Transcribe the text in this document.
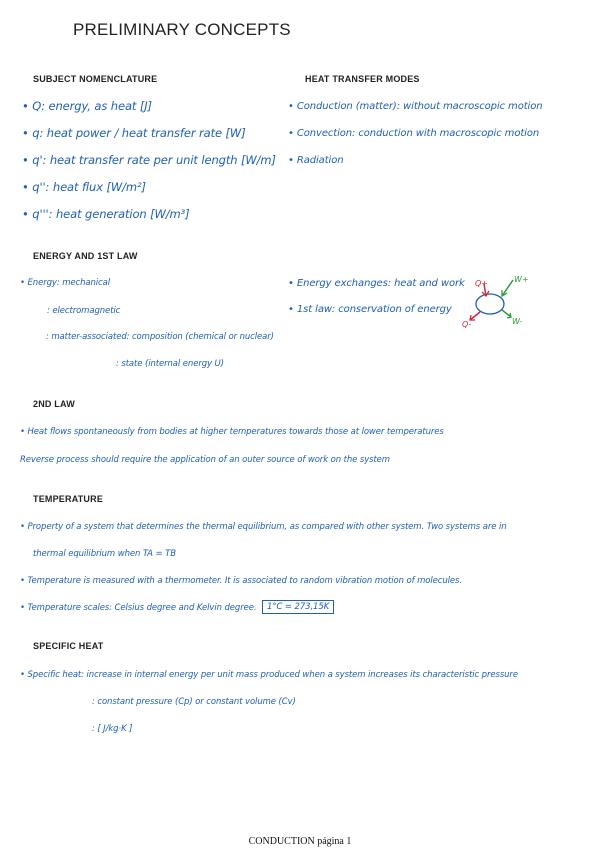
PRELIMINARY CONCEPTS
SUBJECT NOMENCLATURE
• Q: energy, as heat [J]
• q: heat power / heat transfer rate [W]
• q': heat transfer rate per unit length [W/m]
• q'': heat flux [W/m²]
• q''': heat generation [W/m³]
HEAT TRANSFER MODES
• Conduction (matter): without macroscopic motion
• Convection: conduction with macroscopic motion
• Radiation
ENERGY AND 1ST LAW
• Energy: mechanical
: electromagnetic
: matter-associated: composition (chemical or nuclear)
: state (internal energy U)
• Energy exchanges: heat and work
• 1st law: conservation of energy
Q+
Q-
W+
W-
2ND LAW
• Heat flows spontaneously from bodies at higher temperatures towards those at lower temperatures
Reverse process should require the application of an outer source of work on the system
TEMPERATURE
• Property of a system that determines the thermal equilibrium, as compared with other system. Two systems are in
thermal equilibrium when TA = TB
• Temperature is measured with a thermometer. It is associated to random vibration motion of molecules.
• Temperature scales: Celsius degree and Kelvin degree.	1°C = 273,15K
SPECIFIC HEAT
• Specific heat: increase in internal energy per unit mass produced when a system increases its characteristic pressure
: constant pressure (Cp) or constant volume (Cv)
: [ J/kg·K ]
CONDUCTION página 1
